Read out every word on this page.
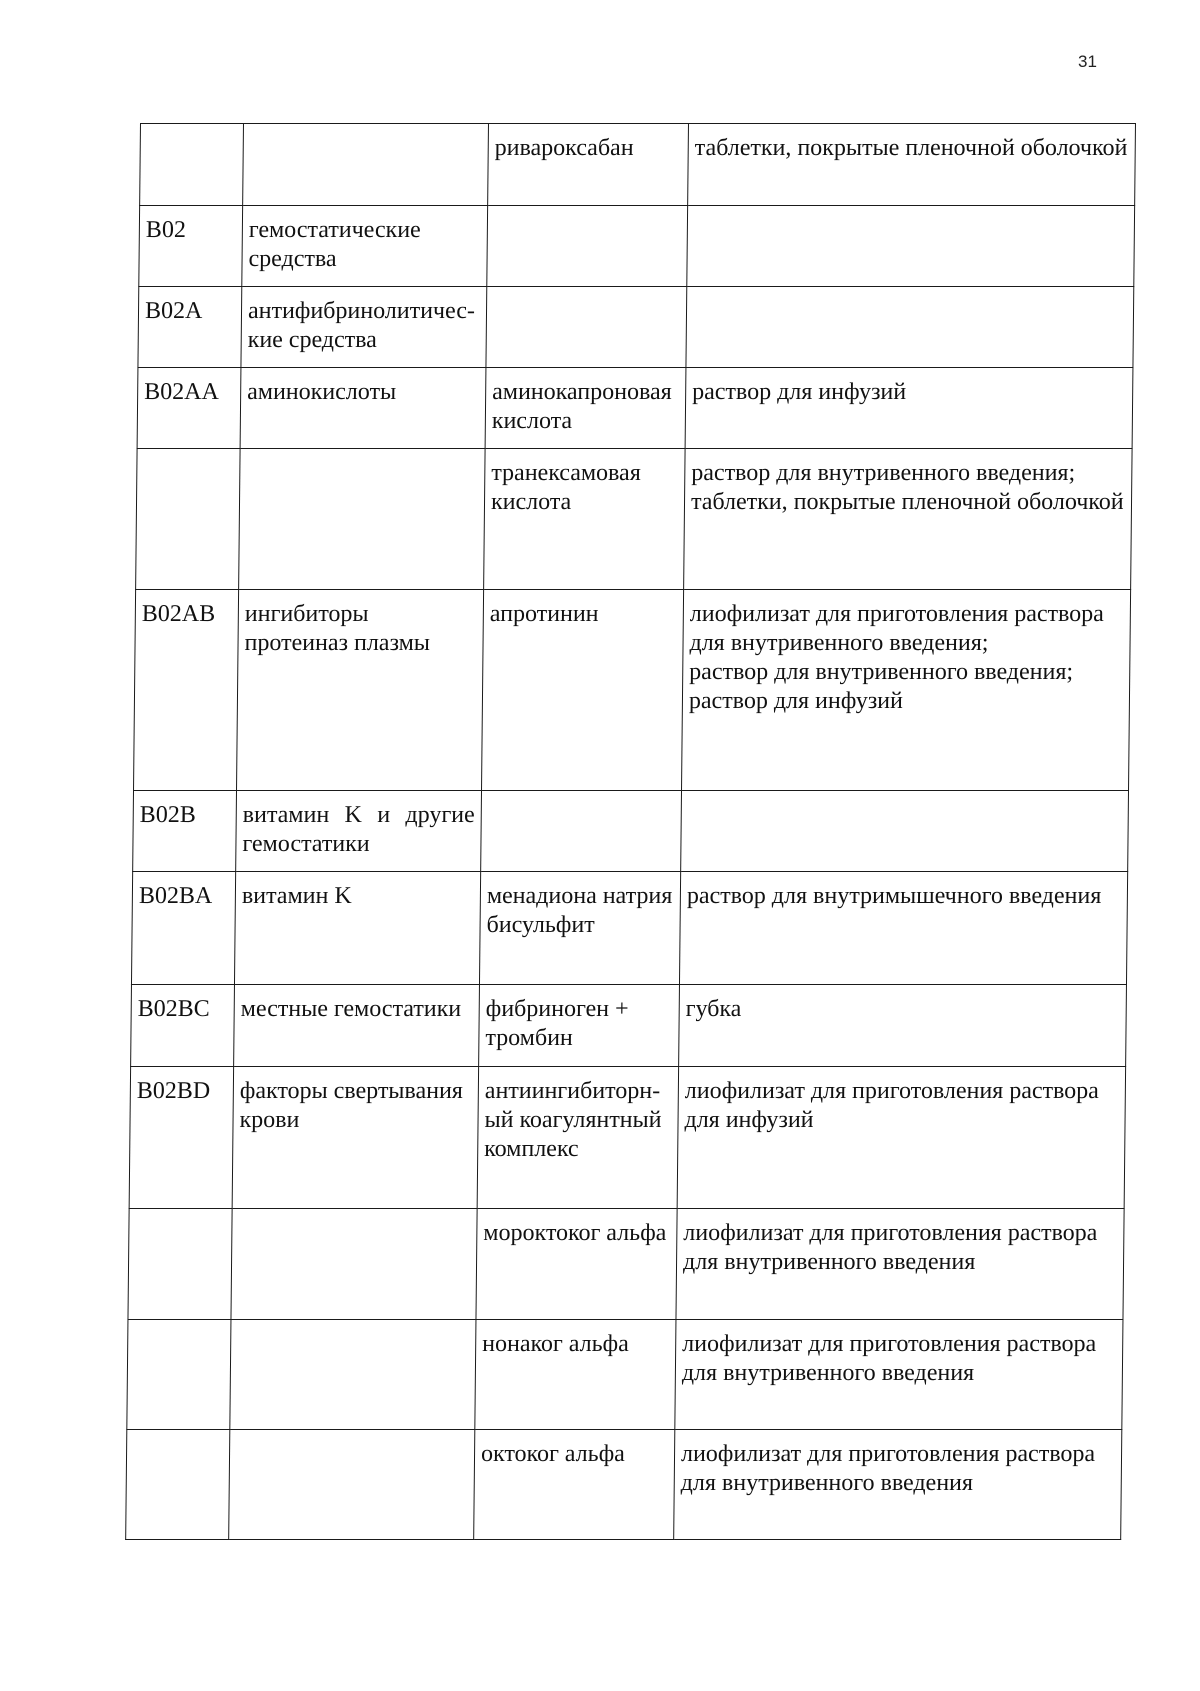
31
		ривароксабан	таблетки, покрытые пленочной оболочкой

B02	гемостатические средства		
B02A	антифибринолитические средства		
B02AA	аминокислоты	аминокапроновая кислота	раствор для инфузий

		транексамовая кислота	раствор для внутривенного введения;
таблетки, покрытые пленочной оболочкой

B02AB	ингибиторы протеиназ плазмы	апротинин	лиофилизат для приготовления раствора для внутривенного введения;
раствор для внутривенного введения;
раствор для инфузий

B02B	витамин K и другие гемостатики		
B02BA	витамин K	менадиона натрия бисульфит	раствор для внутримышечного введения

B02BC	местные гемостатики	фибриноген + тромбин	губка

B02BD	факторы свертывания крови	антиингибиторный коагулянтный комплекс	лиофилизат для приготовления раствора для инфузий

		мороктоког альфа	лиофилизат для приготовления раствора для внутривенного введения

		нонаког альфа	лиофилизат для приготовления раствора для внутривенного введения

		октоког альфа	лиофилизат для приготовления раствора для внутривенного введения
